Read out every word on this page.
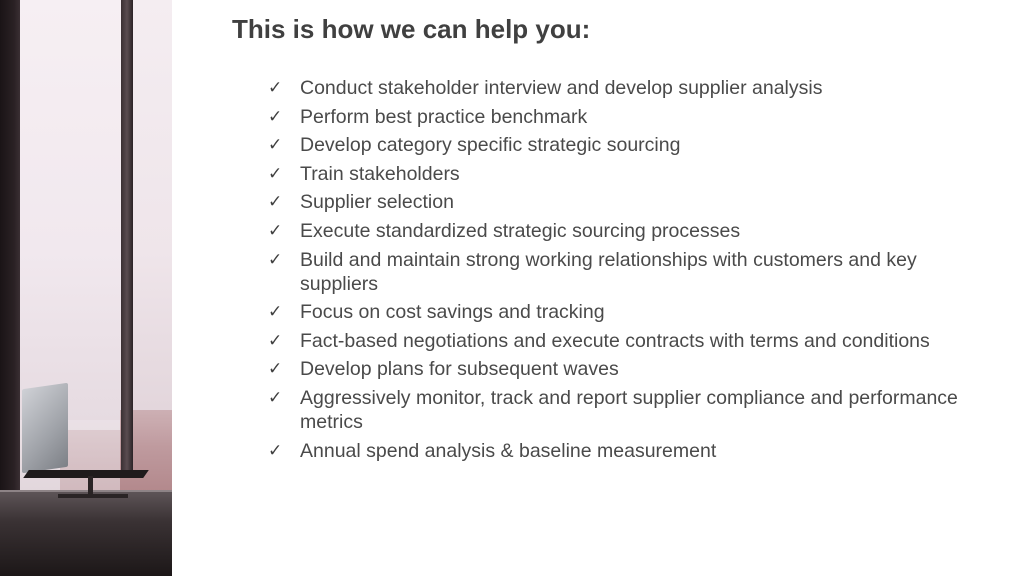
This is how we can help you:
✓ Conduct stakeholder interview and develop supplier analysis
✓ Perform best practice benchmark
✓ Develop category specific strategic sourcing
✓ Train stakeholders
✓ Supplier selection
✓ Execute standardized strategic sourcing processes
✓ Build and maintain strong working relationships with customers and key suppliers
✓ Focus on cost savings and tracking
✓ Fact-based negotiations and execute contracts with terms and conditions
✓ Develop plans for subsequent waves
✓ Aggressively monitor, track and report supplier compliance and performance metrics
✓ Annual spend analysis & baseline measurement
